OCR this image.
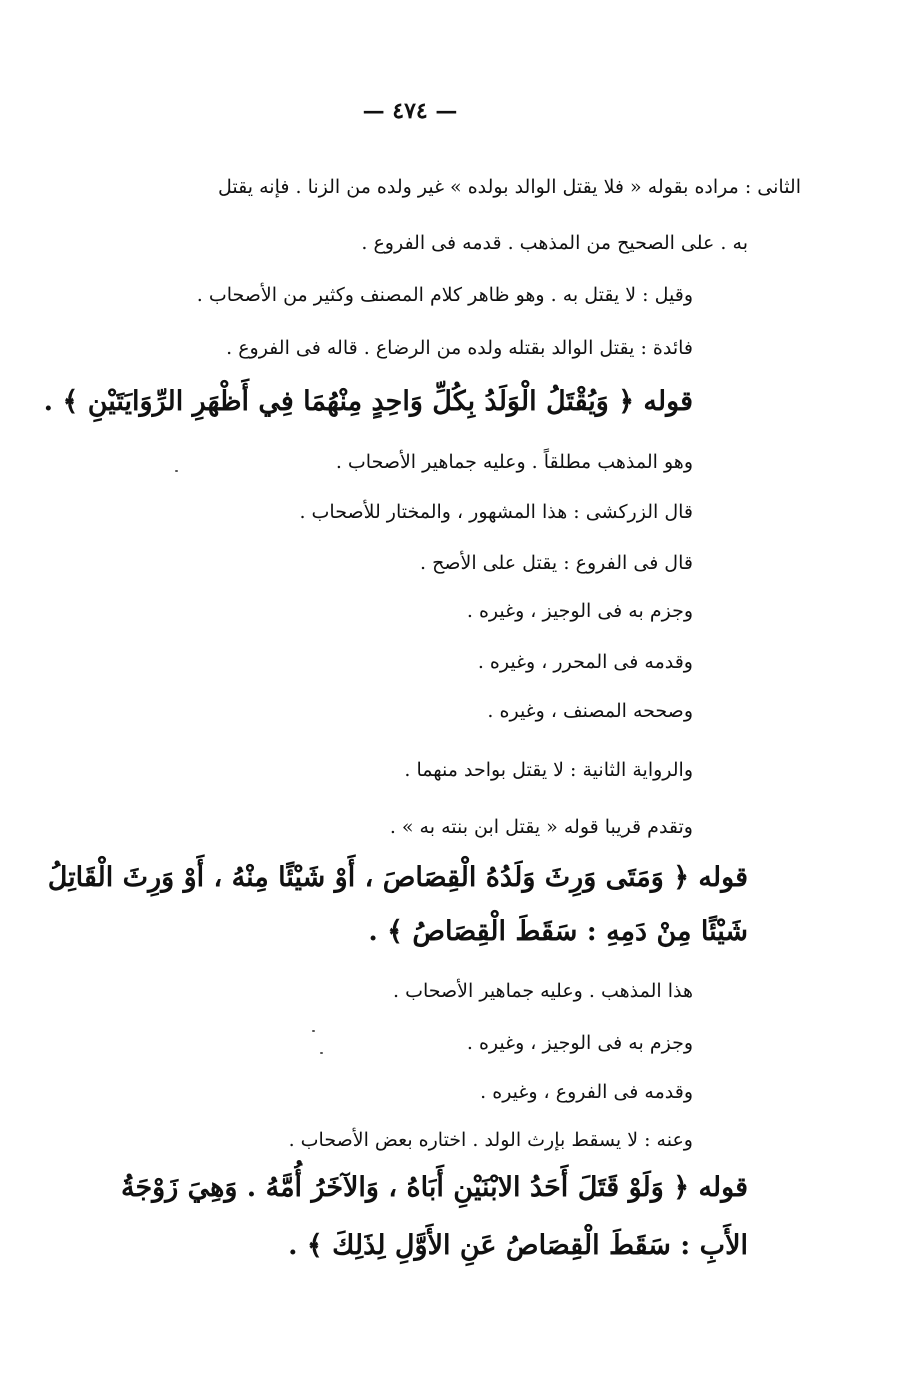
— ٤٧٤ —
الثانى : مراده بقوله « فلا يقتل الوالد بولده » غير ولده من الزنا . فإنه يقتل
به . على الصحيح من المذهب . قدمه فى الفروع .
وقيل : لا يقتل به . وهو ظاهر كلام المصنف وكثير من الأصحاب .
فائدة : يقتل الوالد بقتله ولده من الرضاع . قاله فى الفروع .
قوله ﴿ وَيُقْتَلُ الْوَلَدُ بِكُلِّ وَاحِدٍ مِنْهُمَا فِي أَظْهَرِ الرِّوَايَتَيْنِ ﴾ .
وهو المذهب مطلقاً . وعليه جماهير الأصحاب .
قال الزركشى : هذا المشهور ، والمختار للأصحاب .
قال فى الفروع : يقتل على الأصح .
وجزم به فى الوجيز ، وغيره .
وقدمه فى المحرر ، وغيره .
وصححه المصنف ، وغيره .
والرواية الثانية : لا يقتل بواحد منهما .
وتقدم قريبا قوله « يقتل ابن بنته به » .
قوله ﴿ وَمَتَى وَرِثَ وَلَدُهُ الْقِصَاصَ ، أَوْ شَيْئًا مِنْهُ ، أَوْ وَرِثَ الْقَاتِلُ
شَيْئًا مِنْ دَمِهِ : سَقَطَ الْقِصَاصُ ﴾ .
هذا المذهب . وعليه جماهير الأصحاب .
وجزم به فى الوجيز ، وغيره .
وقدمه فى الفروع ، وغيره .
وعنه : لا يسقط بإرث الولد . اختاره بعض الأصحاب .
قوله ﴿ وَلَوْ قَتَلَ أَحَدُ الابْنَيْنِ أَبَاهُ ، وَالآخَرُ أُمَّهُ . وَهِيَ زَوْجَةُ
الأَبِ : سَقَطَ الْقِصَاصُ عَنِ الأَوَّلِ لِذَلِكَ ﴾ .
